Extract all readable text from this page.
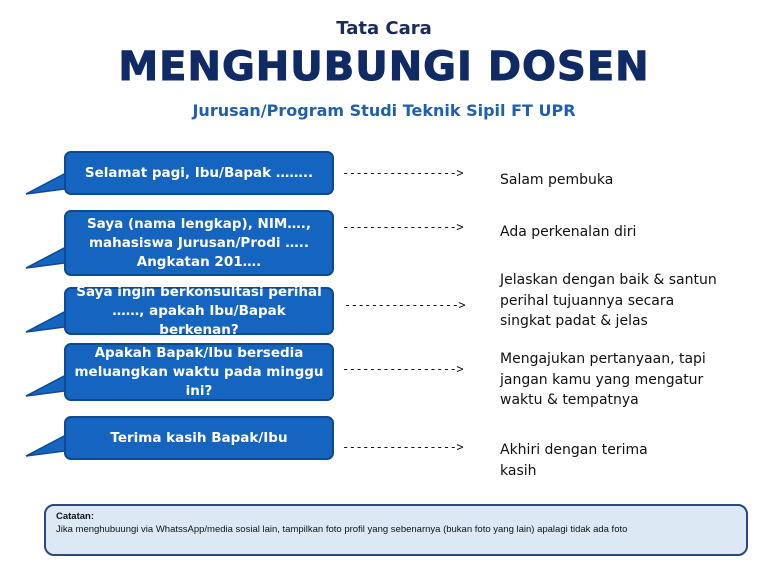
Tata Cara
MENGHUBUNGI DOSEN
Jurusan/Program Studi Teknik Sipil FT UPR
Selamat pagi, Ibu/Bapak ……..	----------------->	Salam pembuka
Saya (nama lengkap), NIM…., mahasiswa Jurusan/Prodi ….. Angkatan 201….
----------------->	Ada perkenalan diri
Saya ingin berkonsultasi perihal ……, apakah Ibu/Bapak berkenan?
----------------->
Jelaskan dengan baik & santun perihal tujuannya secara singkat padat & jelas
Apakah Bapak/Ibu bersedia meluangkan waktu pada minggu ini?
----------------->
Mengajukan pertanyaan, tapi jangan kamu yang mengatur waktu & tempatnya
Terima kasih Bapak/Ibu
----------------->	Akhiri dengan terima kasih
Catatan:
Jika menghubuungi via WhatssApp/media sosial lain, tampilkan foto profil yang sebenarnya (bukan foto yang lain) apalagi tidak ada foto
